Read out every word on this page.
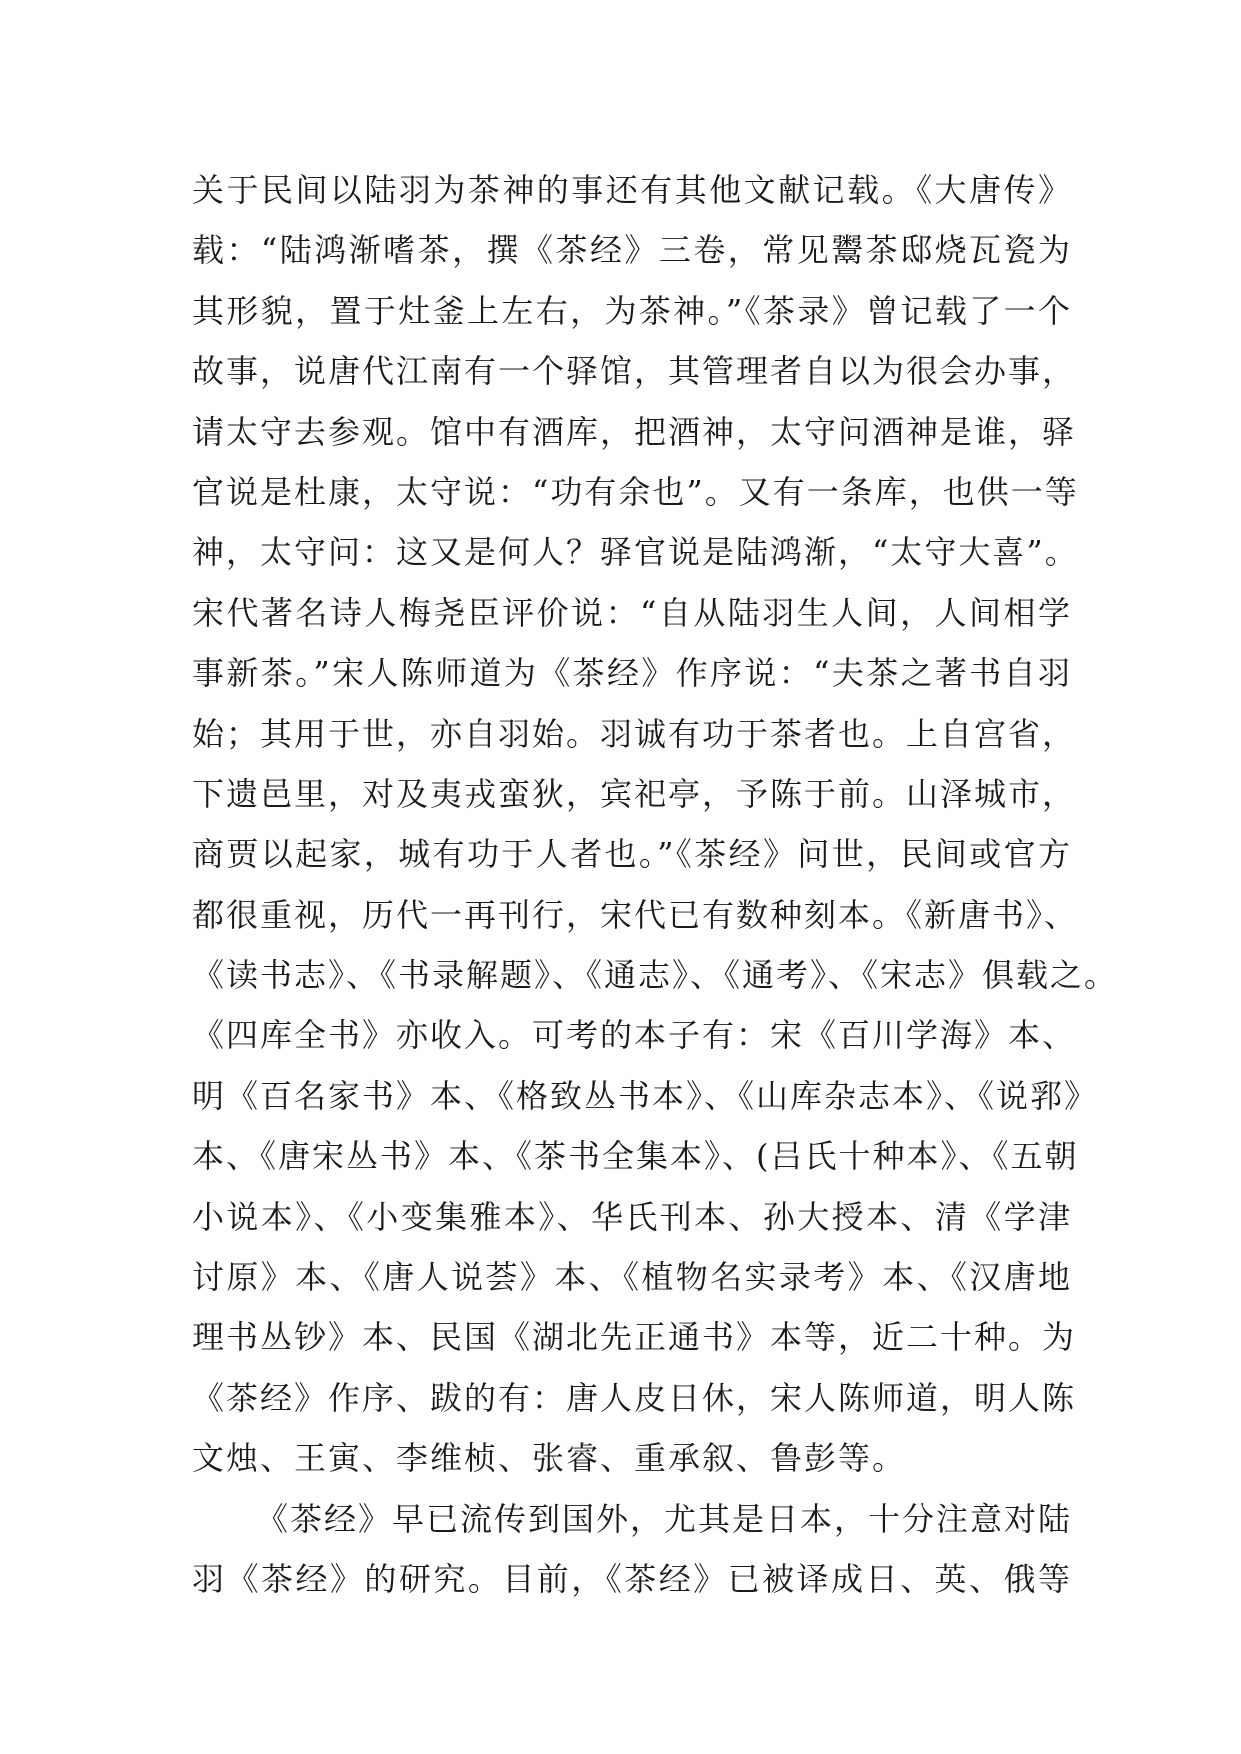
关于民间以陆羽为茶神的事还有其他文献记载。《大唐传》
载：“陆鸿渐嗜茶，撰《茶经》三卷，常见鬻茶邸烧瓦瓷为
其形貌，置于灶釜上左右，为茶神。”《茶录》曾记载了一个
故事，说唐代江南有一个驿馆，其管理者自以为很会办事，
请太守去参观。馆中有酒库，把酒神，太守问酒神是谁，驿
官说是杜康，太守说：“功有余也”。又有一条库，也供一等
神，太守问：这又是何人？驿官说是陆鸿渐，“太守大喜”。
宋代著名诗人梅尧臣评价说：“自从陆羽生人间，人间相学
事新茶。”宋人陈师道为《茶经》作序说：“夫茶之著书自羽
始；其用于世，亦自羽始。羽诚有功于茶者也。上自宫省，
下遗邑里，对及夷戎蛮狄，宾祀亭，予陈于前。山泽城市，
商贾以起家，城有功于人者也。”《茶经》问世，民间或官方
都很重视，历代一再刊行，宋代已有数种刻本。《新唐书》、
《读书志》、《书录解题》、《通志》、《通考》、《宋志》俱载之。
《四库全书》亦收入。可考的本子有：宋《百川学海》本、
明《百名家书》本、《格致丛书本》、《山库杂志本》、《说郛》
本、《唐宋丛书》本、《茶书全集本》、(吕氏十种本》、《五朝
小说本》、《小变集雅本》、华氏刊本、孙大授本、清《学津
讨原》本、《唐人说荟》本、《植物名实录考》本、《汉唐地
理书丛钞》本、民国《湖北先正通书》本等，近二十种。为
《茶经》作序、跋的有：唐人皮日休，宋人陈师道，明人陈
文烛、王寅、李维桢、张睿、重承叙、鲁彭等。
《茶经》早已流传到国外，尤其是日本，十分注意对陆
羽《茶经》的研究。目前，《茶经》已被译成日、英、俄等
